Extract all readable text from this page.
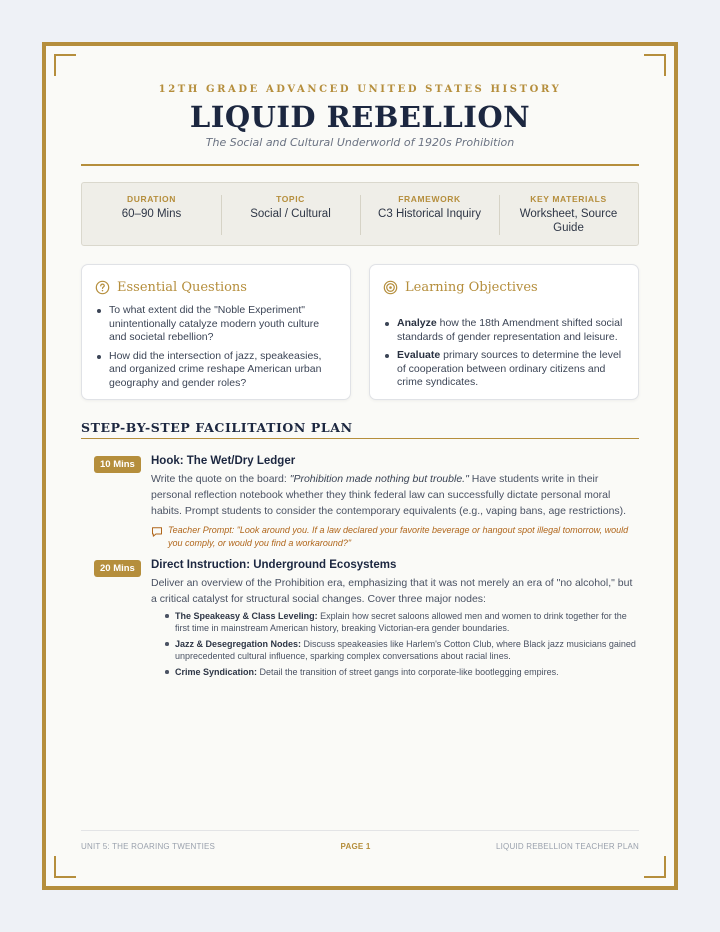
12TH GRADE ADVANCED UNITED STATES HISTORY
LIQUID REBELLION
The Social and Cultural Underworld of 1920s Prohibition
DURATION
60–90 Mins
TOPIC
Social / Cultural
FRAMEWORK
C3 Historical Inquiry
KEY MATERIALS
Worksheet, Source Guide
Essential Questions
To what extent did the "Noble Experiment" unintentionally catalyze modern youth culture and societal rebellion?
How did the intersection of jazz, speakeasies, and organized crime reshape American urban geography and gender roles?
Learning Objectives
Analyze how the 18th Amendment shifted social standards of gender representation and leisure.
Evaluate primary sources to determine the level of cooperation between ordinary citizens and crime syndicates.
STEP-BY-STEP FACILITATION PLAN
10 Mins	Hook: The Wet/Dry Ledger
Write the quote on the board: "Prohibition made nothing but trouble." Have students write in their personal reflection notebook whether they think federal law can successfully dictate personal moral habits. Prompt students to consider the contemporary equivalents (e.g., vaping bans, age restrictions).
Teacher Prompt: "Look around you. If a law declared your favorite beverage or hangout spot illegal tomorrow, would you comply, or would you find a workaround?"
20 Mins	Direct Instruction: Underground Ecosystems
Deliver an overview of the Prohibition era, emphasizing that it was not merely an era of "no alcohol," but a critical catalyst for structural social changes. Cover three major nodes:
The Speakeasy & Class Leveling: Explain how secret saloons allowed men and women to drink together for the first time in mainstream American history, breaking Victorian-era gender boundaries.
Jazz & Desegregation Nodes: Discuss speakeasies like Harlem's Cotton Club, where Black jazz musicians gained unprecedented cultural influence, sparking complex conversations about racial lines.
Crime Syndication: Detail the transition of street gangs into corporate-like bootlegging empires.
UNIT 5: THE ROARING TWENTIES	PAGE 1	LIQUID REBELLION TEACHER PLAN
